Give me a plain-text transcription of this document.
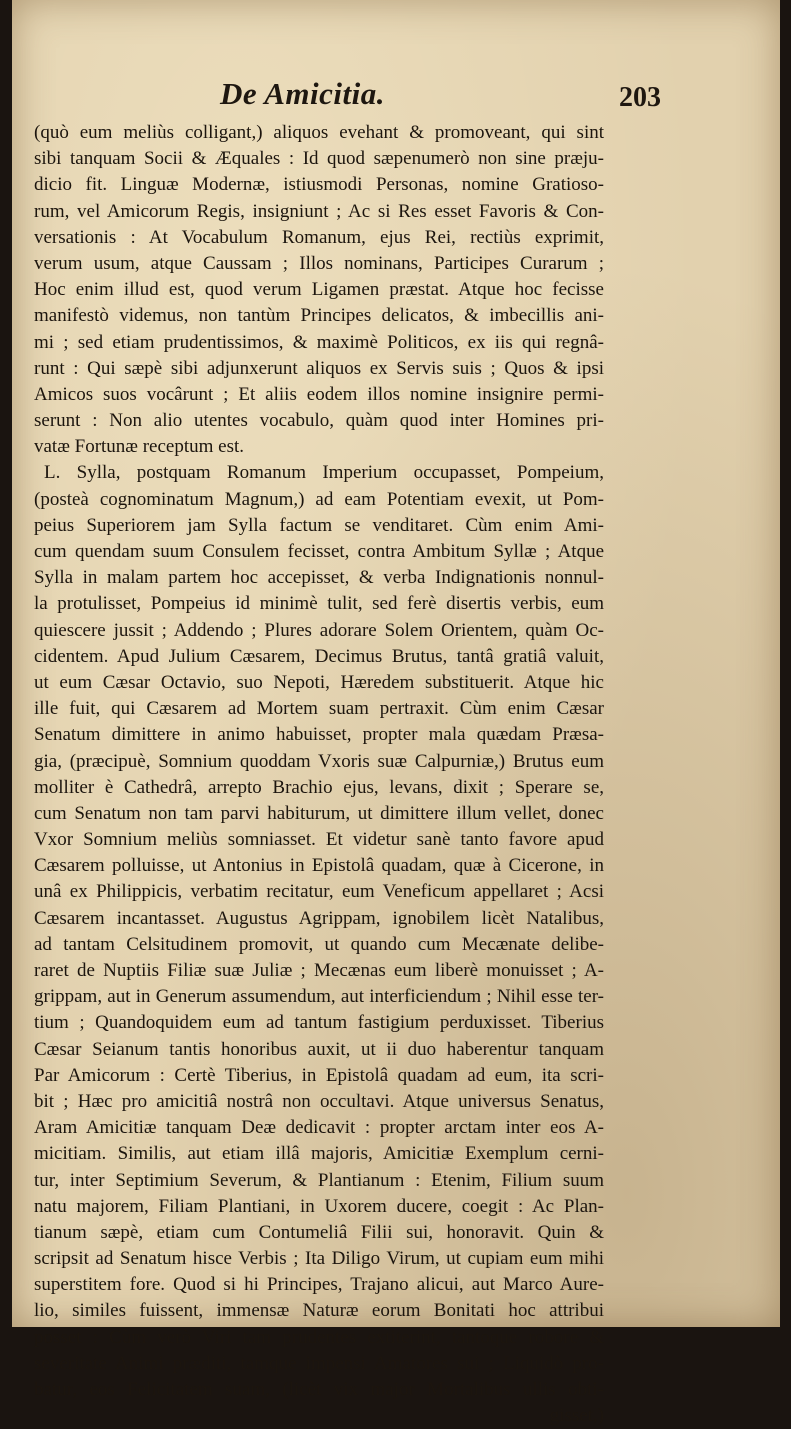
De Amicitia.	203
(quò eum meliùs colligant,) aliquos evehant & promoveant, qui sint
sibi tanquam Socii & Æquales : Id quod sæpenumerò non sine præju-
dicio fit. Linguæ Modernæ, istiusmodi Personas, nomine Gratioso-
rum, vel Amicorum Regis, insigniunt ; Ac si Res esset Favoris & Con-
versationis : At Vocabulum Romanum, ejus Rei, rectiùs exprimit,
verum usum, atque Caussam ; Illos nominans, Participes Curarum ;
Hoc enim illud est, quod verum Ligamen præstat. Atque hoc fecisse
manifestò videmus, non tantùm Principes delicatos, & imbecillis ani-
mi ; sed etiam prudentissimos, & maximè Politicos, ex iis qui regnâ-
runt : Qui sæpè sibi adjunxerunt aliquos ex Servis suis ; Quos & ipsi
Amicos suos vocârunt ; Et aliis eodem illos nomine insignire permi-
serunt : Non alio utentes vocabulo, quàm quod inter Homines pri-
vatæ Fortunæ receptum est.
L. Sylla, postquam Romanum Imperium occupasset, Pompeium,
(posteà cognominatum Magnum,) ad eam Potentiam evexit, ut Pom-
peius Superiorem jam Sylla factum se venditaret. Cùm enim Ami-
cum quendam suum Consulem fecisset, contra Ambitum Syllæ ; Atque
Sylla in malam partem hoc accepisset, & verba Indignationis nonnul-
la protulisset, Pompeius id minimè tulit, sed ferè disertis verbis, eum
quiescere jussit ; Addendo ; Plures adorare Solem Orientem, quàm Oc-
cidentem. Apud Julium Cæsarem, Decimus Brutus, tantâ gratiâ valuit,
ut eum Cæsar Octavio, suo Nepoti, Hæredem substituerit. Atque hic
ille fuit, qui Cæsarem ad Mortem suam pertraxit. Cùm enim Cæsar
Senatum dimittere in animo habuisset, propter mala quædam Præsa-
gia, (præcipuè, Somnium quoddam Vxoris suæ Calpurniæ,) Brutus eum
molliter è Cathedrâ, arrepto Brachio ejus, levans, dixit ; Sperare se,
cum Senatum non tam parvi habiturum, ut dimittere illum vellet, donec
Vxor Somnium meliùs somniasset. Et videtur sanè tanto favore apud
Cæsarem polluisse, ut Antonius in Epistolâ quadam, quæ à Cicerone, in
unâ ex Philippicis, verbatim recitatur, eum Veneficum appellaret ; Acsi
Cæsarem incantasset. Augustus Agrippam, ignobilem licèt Natalibus,
ad tantam Celsitudinem promovit, ut quando cum Mecænate delibe-
raret de Nuptiis Filiæ suæ Juliæ ; Mecænas eum liberè monuisset ; A-
grippam, aut in Generum assumendum, aut interficiendum ; Nihil esse ter-
tium ; Quandoquidem eum ad tantum fastigium perduxisset. Tiberius
Cæsar Seianum tantis honoribus auxit, ut ii duo haberentur tanquam
Par Amicorum : Certè Tiberius, in Epistolâ quadam ad eum, ita scri-
bit ; Hæc pro amicitiâ nostrâ non occultavi. Atque universus Senatus,
Aram Amicitiæ tanquam Deæ dedicavit : propter arctam inter eos A-
micitiam. Similis, aut etiam illâ majoris, Amicitiæ Exemplum cerni-
tur, inter Septimium Severum, & Plantianum : Etenim, Filium suum
natu majorem, Filiam Plantiani, in Uxorem ducere, coegit : Ac Plan-
tianum sæpè, etiam cum Contumeliâ Filii sui, honoravit. Quin &
scripsit ad Senatum hisce Verbis ; Ita Diligo Virum, ut cupiam eum mihi
superstitem fore. Quod si hi Principes, Trajano alicui, aut Marco Aure-
lio, similes fuissent, immensæ Naturæ eorum Bonitati hoc attribui
posset : Cùm verò Viri tam prudentes extiterint, tantoque robore &
severitate Animi præditi, tamque impensi Amatores sui ; Liquidò pro-
batur, eos Felicitatem suam, (licèt vix major Mortalibus ullis obti-
gisset,)
